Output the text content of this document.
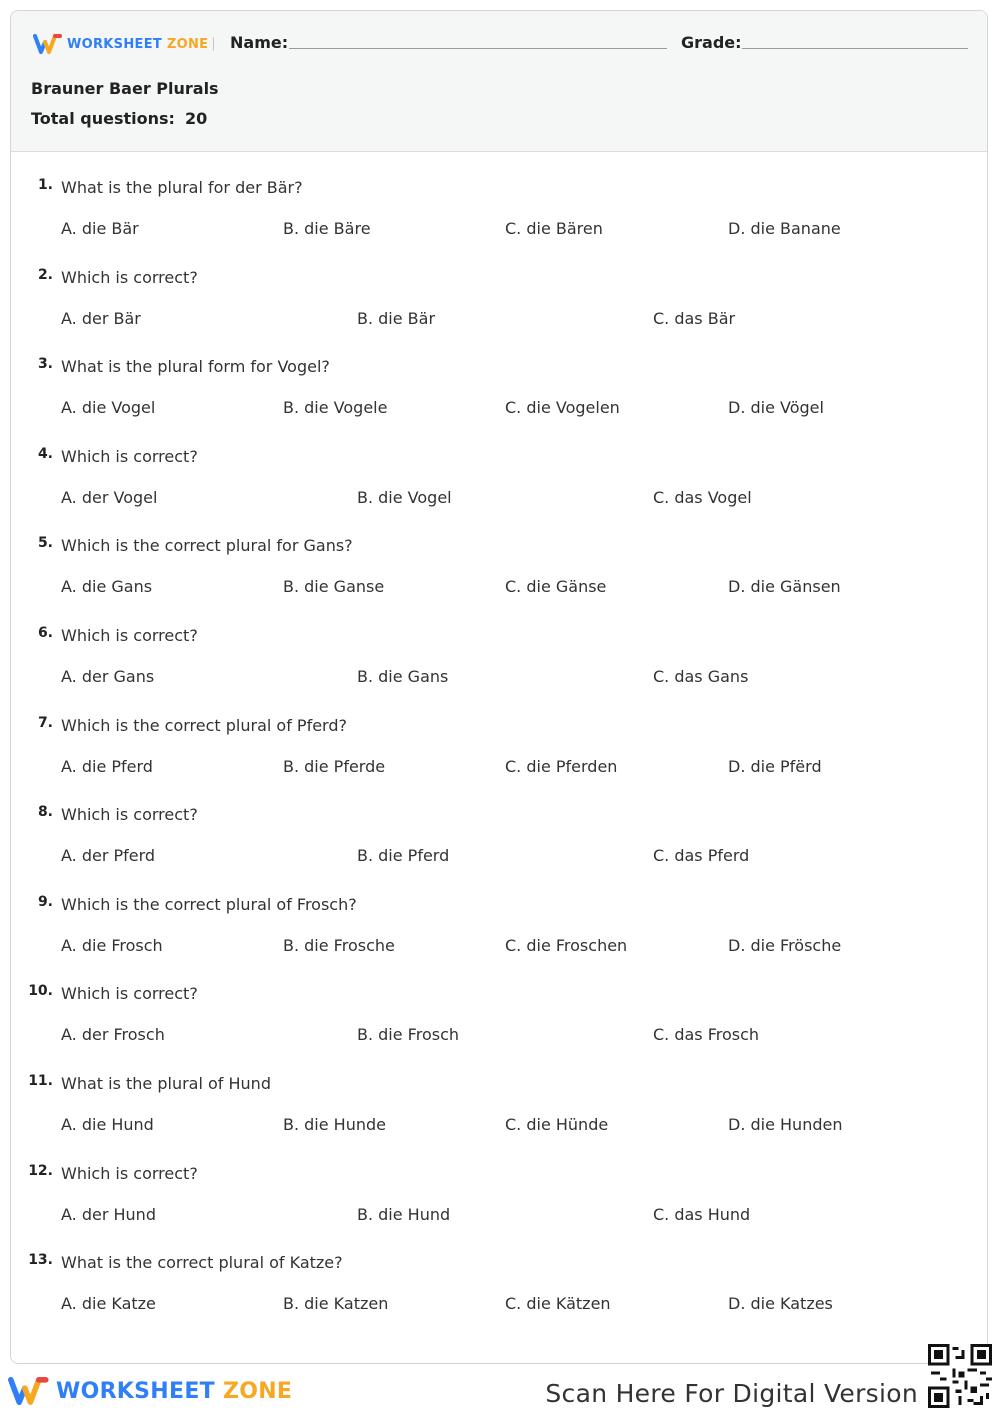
WORKSHEET ZONE Name:	Grade:
Brauner Baer Plurals
Total questions: 20
1. What is the plural for der Bär?
A. die Bär	B. die Bäre	C. die Bären	D. die Banane
2. Which is correct?
A. der Bär	B. die Bär	C. das Bär
3. What is the plural form for Vogel?
A. die Vogel	B. die Vogele	C. die Vogelen	D. die Vögel
4. Which is correct?
A. der Vogel	B. die Vogel	C. das Vogel
5. Which is the correct plural for Gans?
A. die Gans	B. die Ganse	C. die Gänse	D. die Gänsen
6. Which is correct?
A. der Gans	B. die Gans	C. das Gans
7. Which is the correct plural of Pferd?
A. die Pferd	B. die Pferde	C. die Pferden	D. die Pfërd
8. Which is correct?
A. der Pferd	B. die Pferd	C. das Pferd
9. Which is the correct plural of Frosch?
A. die Frosch	B. die Frosche	C. die Froschen	D. die Frösche
10. Which is correct?
A. der Frosch	B. die Frosch	C. das Frosch
11. What is the plural of Hund
A. die Hund	B. die Hunde	C. die Hünde	D. die Hunden
12. Which is correct?
A. der Hund	B. die Hund	C. das Hund
13. What is the correct plural of Katze?
A. die Katze	B. die Katzen	C. die Kätzen	D. die Katzes
WORKSHEET ZONE	Scan Here For Digital Version
